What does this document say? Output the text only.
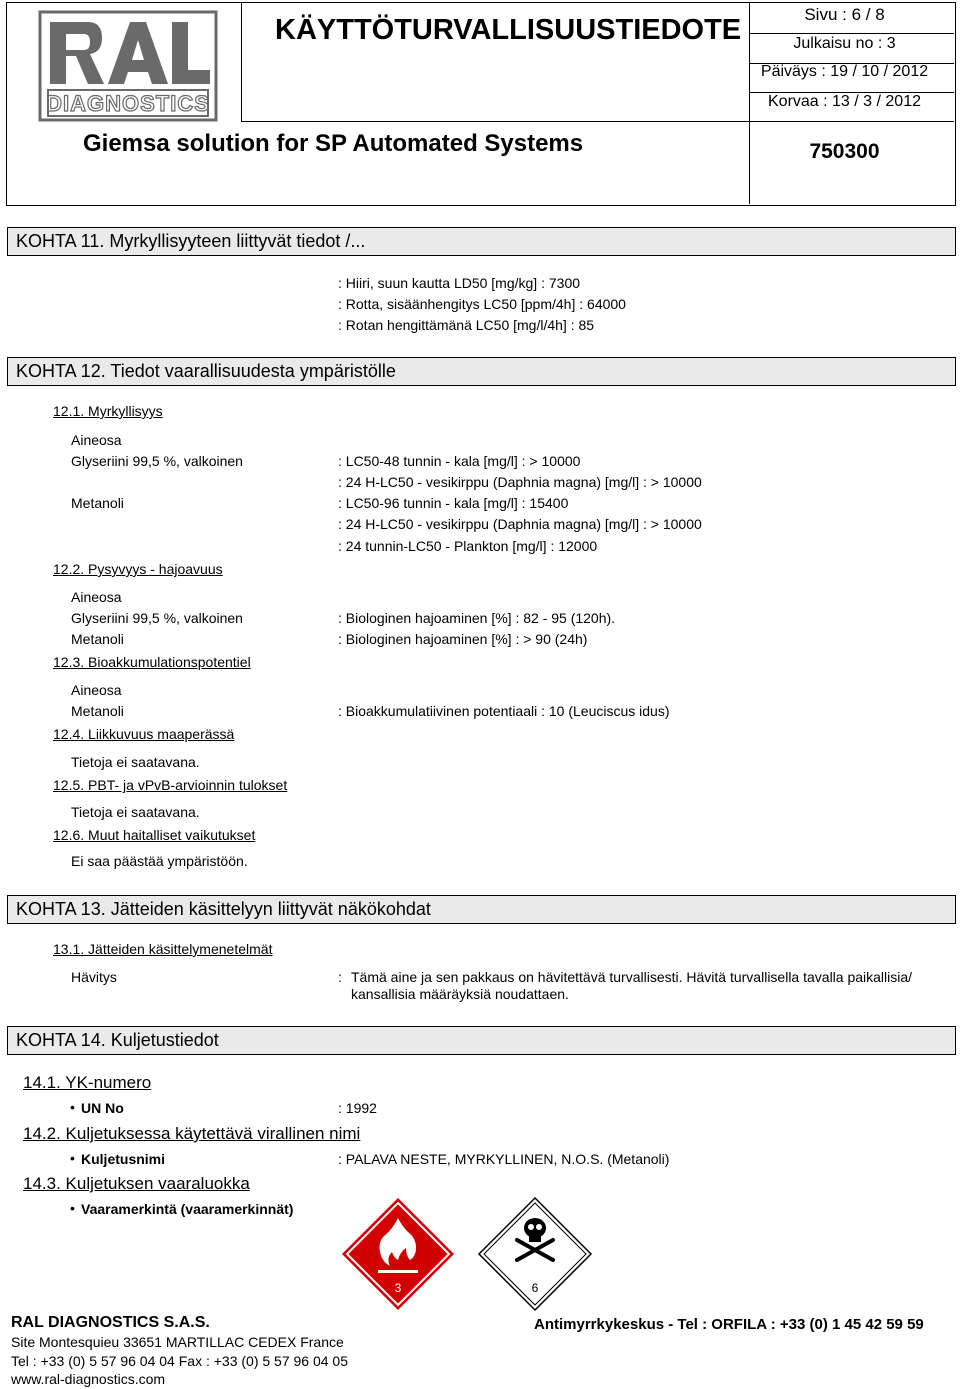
DIAGNOSTICS
KÄYTTÖTURVALLISUUSTIEDOTE	Sivu : 6 / 8
Julkaisu no : 3
Päiväys : 19 / 10 / 2012
Korvaa : 13 / 3 / 2012
Giemsa solution for SP Automated Systems	750300
KOHTA 11. Myrkyllisyyteen liittyvät tiedot /...
: Hiiri, suun kautta LD50 [mg/kg] : 7300
: Rotta, sisäänhengitys LC50 [ppm/4h] : 64000
: Rotan hengittämänä LC50 [mg/l/4h] : 85
KOHTA 12. Tiedot vaarallisuudesta ympäristölle
12.1. Myrkyllisyys
Aineosa
Glyseriini 99,5 %, valkoinen	: LC50-48 tunnin - kala [mg/l] : > 10000
: 24 H-LC50 - vesikirppu (Daphnia magna) [mg/l] : > 10000
Metanoli	: LC50-96 tunnin - kala [mg/l] : 15400
: 24 H-LC50 - vesikirppu (Daphnia magna) [mg/l] : > 10000
: 24 tunnin-LC50 - Plankton [mg/l] : 12000
12.2. Pysyvyys - hajoavuus
Aineosa
Glyseriini 99,5 %, valkoinen	: Biologinen hajoaminen [%] : 82 - 95 (120h).
Metanoli	: Biologinen hajoaminen [%] : > 90 (24h)
12.3. Bioakkumulationspotentiel
Aineosa
Metanoli	: Bioakkumulatiivinen potentiaali : 10 (Leuciscus idus)
12.4. Liikkuvuus maaperässä
Tietoja ei saatavana.
12.5. PBT- ja vPvB-arvioinnin tulokset
Tietoja ei saatavana.
12.6. Muut haitalliset vaikutukset
Ei saa päästää ympäristöön.
KOHTA 13. Jätteiden käsittelyyn liittyvät näkökohdat
13.1. Jätteiden käsittelymenetelmät
Hävitys	: Tämä aine ja sen pakkaus on hävitettävä turvallisesti. Hävitä turvallisella tavalla paikallisia/
kansallisia määräyksiä noudattaen.
KOHTA 14. Kuljetustiedot
14.1. YK-numero
• UN No	: 1992
14.2. Kuljetuksessa käytettävä virallinen nimi
• Kuljetusnimi	: PALAVA NESTE, MYRKYLLINEN, N.O.S. (Metanoli)
14.3. Kuljetuksen vaaraluokka
• Vaaramerkintä (vaaramerkinnät)
3	6
RAL DIAGNOSTICS S.A.S.	Antimyrrkykeskus - Tel : ORFILA : +33 (0) 1 45 42 59 59
Site Montesquieu 33651 MARTILLAC CEDEX France
Tel : +33 (0) 5 57 96 04 04 Fax : +33 (0) 5 57 96 04 05
www.ral-diagnostics.com
